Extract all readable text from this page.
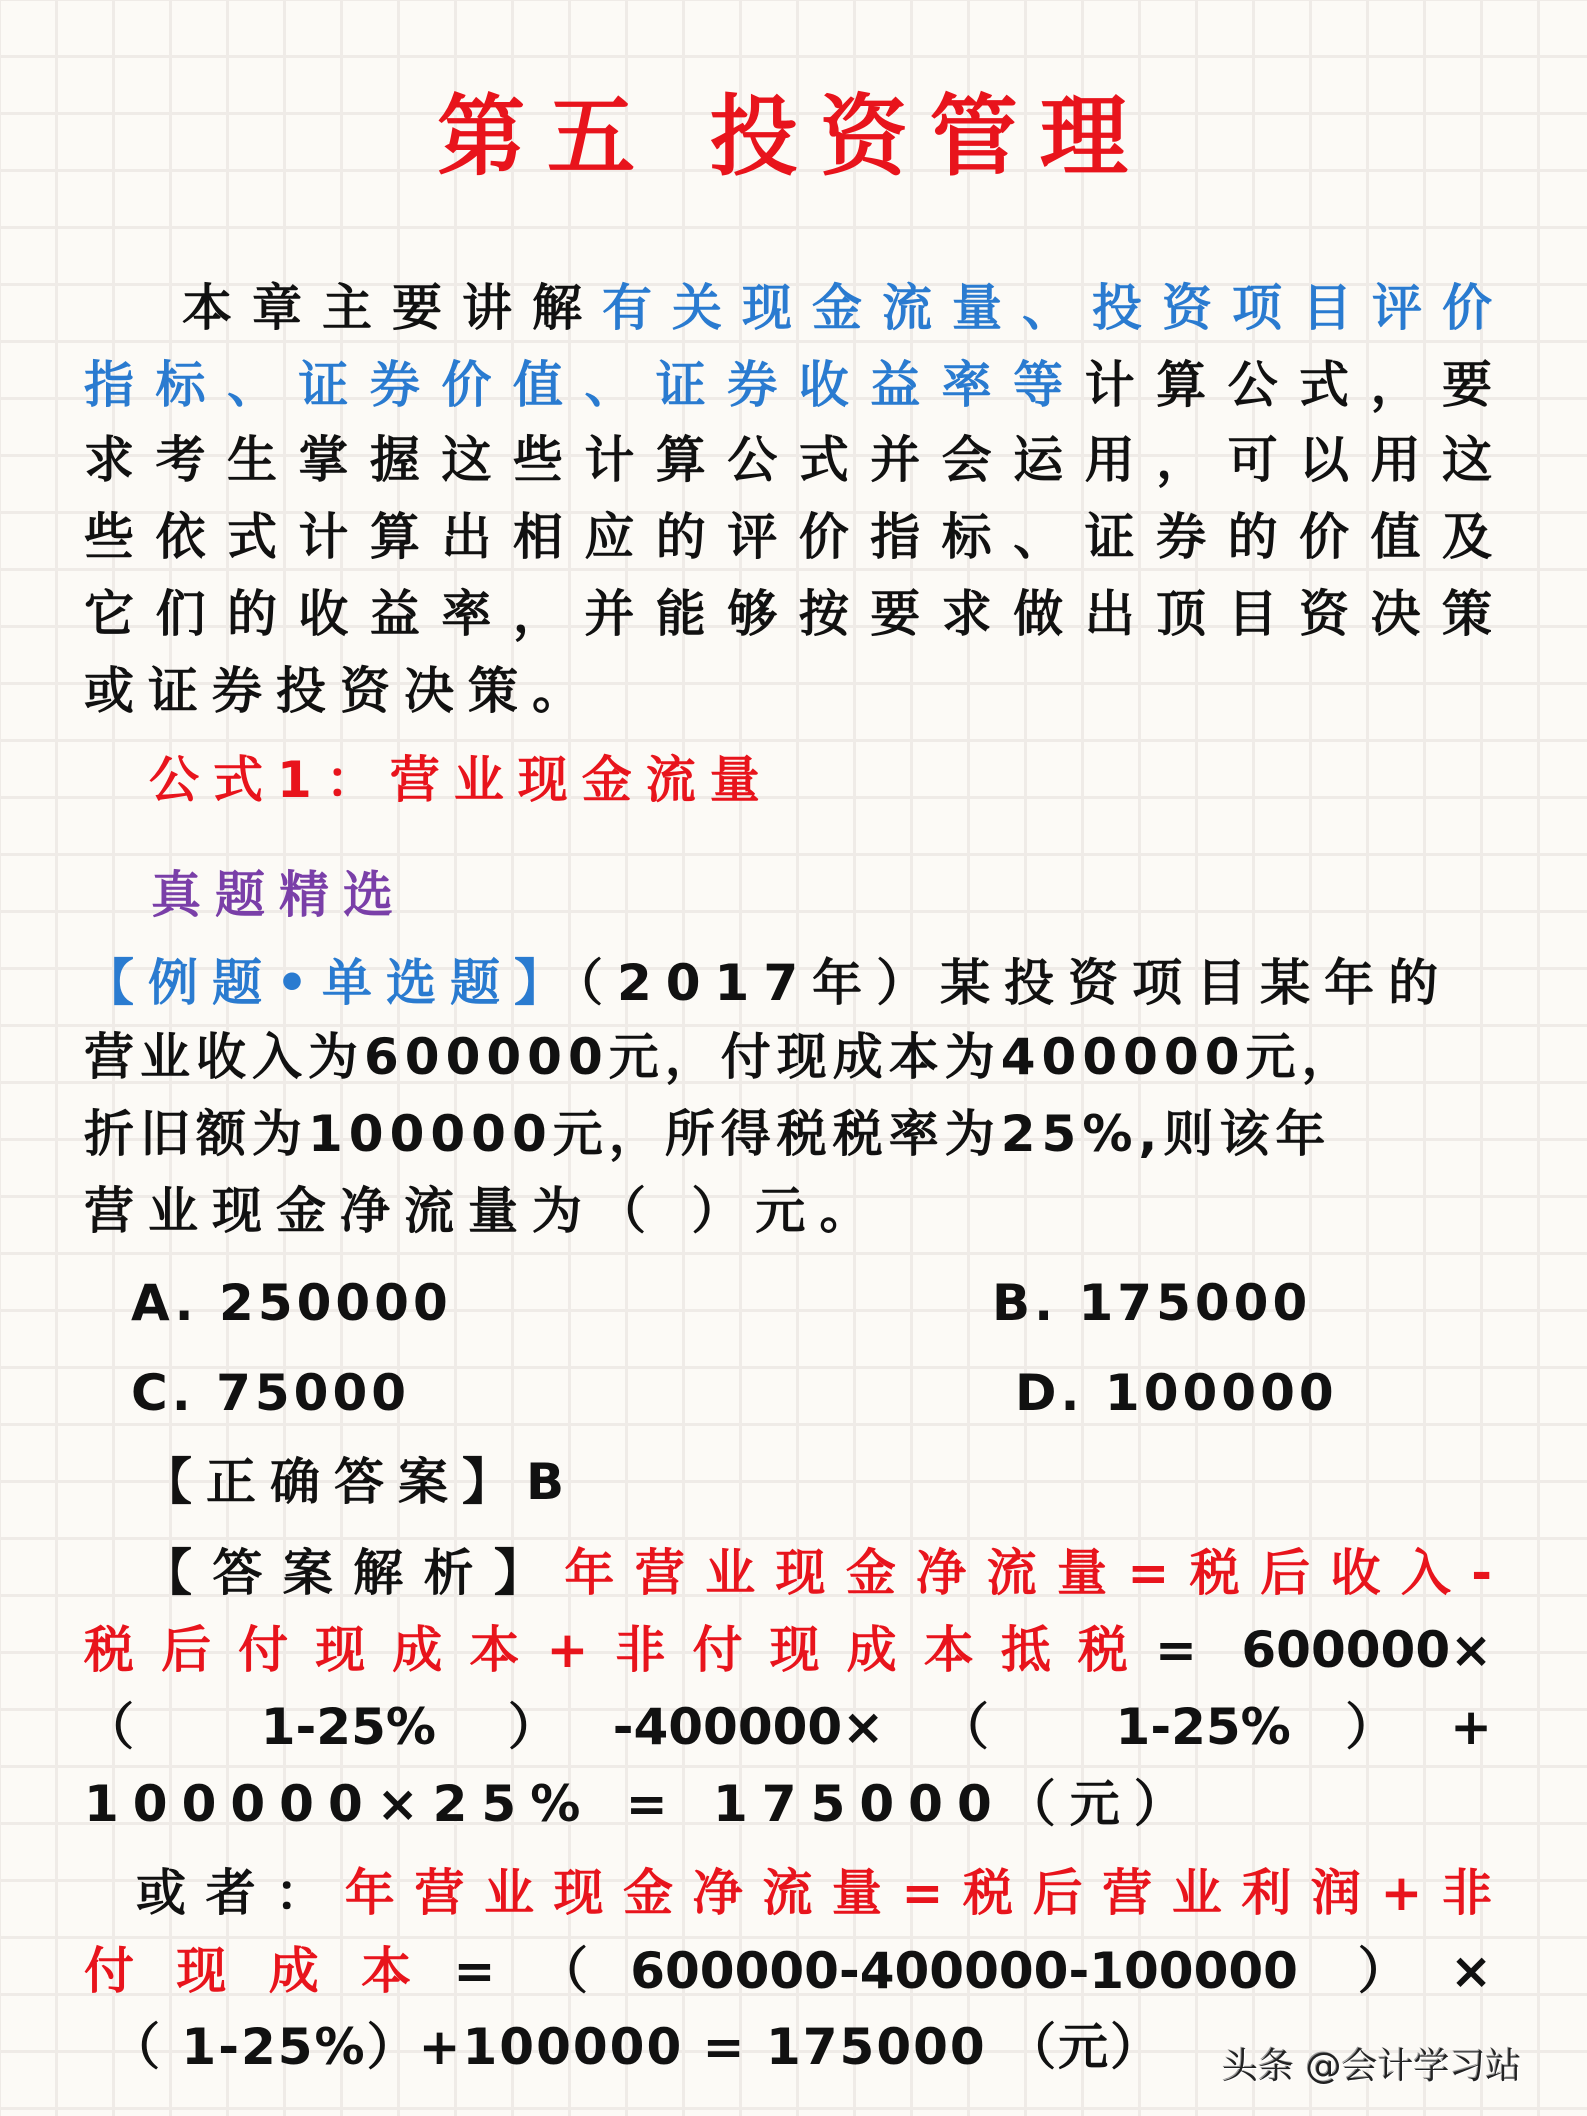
第五 投资管理
本章主要讲解有关现金流量、投资项目评价
指标、证券价值、证券收益率等计算公式，要
求考生掌握这些计算公式并会运用，可以用这
些依式计算出相应的评价指标、证券的价值及
它们的收益率，并能够按要求做出顶目资决策
或证券投资决策。
公式1：营业现金流量
真题精选
【例题•单选题】（2017年）某投资项目某年的
营业收入为600000元，付现成本为400000元，
折旧额为100000元，所得税税率为25%,则该年
营业现金净流量为（ ）元。
A. 250000	B. 175000
C. 75000	D. 100000
【正确答案】B
【答案解析】年营业现金净流量=税后收入-
税后付现成本+非付现成本抵税= 600000×
（ 1-25% ）-400000×（ 1-25%）+
100000×25% = 175000（元）
或者：年营业现金净流量=税后营业利润+非
付现成本=（600000-400000-100000 ）×
（ 1-25%）+100000 = 175000 （元） 头条 @会计学习站
